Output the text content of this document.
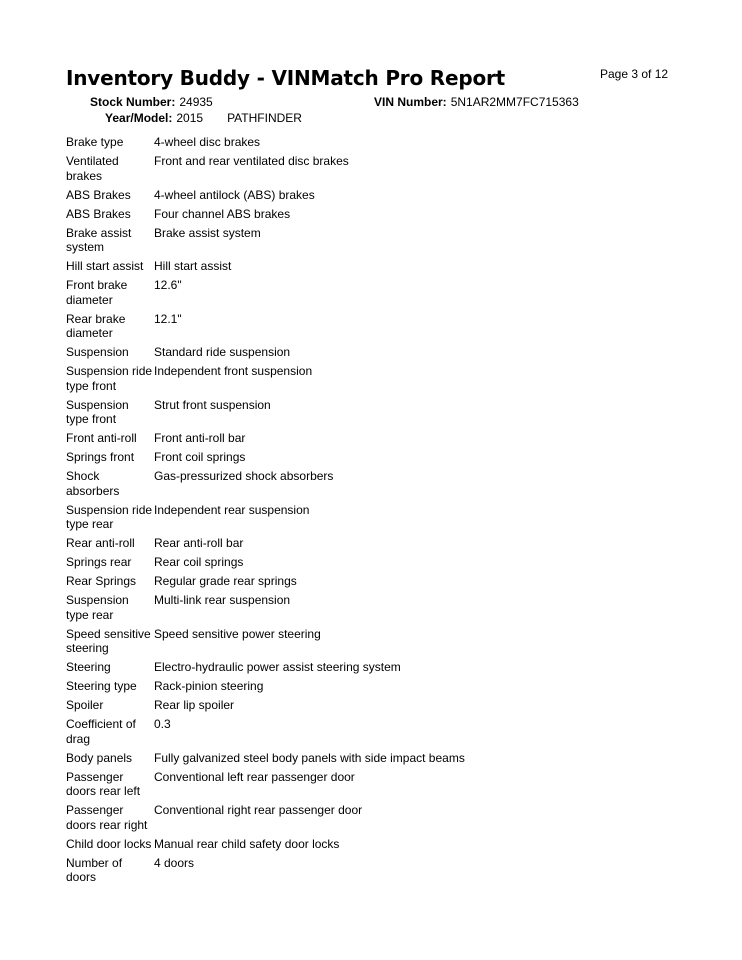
Page 3 of 12
Inventory Buddy - VINMatch Pro Report
Stock Number: 24935	VIN Number: 5N1AR2MM7FC715363
Year/Model: 2015 PATHFINDER
Brake type	4-wheel disc brakes
Ventilated brakes	Front and rear ventilated disc brakes
ABS Brakes	4-wheel antilock (ABS) brakes
ABS Brakes	Four channel ABS brakes
Brake assist system	Brake assist system
Hill start assist	Hill start assist
Front brake diameter	12.6"
Rear brake diameter	12.1"
Suspension	Standard ride suspension
Suspension ride type front	Independent front suspension
Suspension type front	Strut front suspension
Front anti-roll	Front anti-roll bar
Springs front	Front coil springs
Shock absorbers	Gas-pressurized shock absorbers
Suspension ride type rear	Independent rear suspension
Rear anti-roll	Rear anti-roll bar
Springs rear	Rear coil springs
Rear Springs	Regular grade rear springs
Suspension type rear	Multi-link rear suspension
Speed sensitive steering	Speed sensitive power steering
Steering	Electro-hydraulic power assist steering system
Steering type	Rack-pinion steering
Spoiler	Rear lip spoiler
Coefficient of drag	0.3
Body panels	Fully galvanized steel body panels with side impact beams
Passenger doors rear left	Conventional left rear passenger door
Passenger doors rear right	Conventional right rear passenger door
Child door locks	Manual rear child safety door locks
Number of doors	4 doors
